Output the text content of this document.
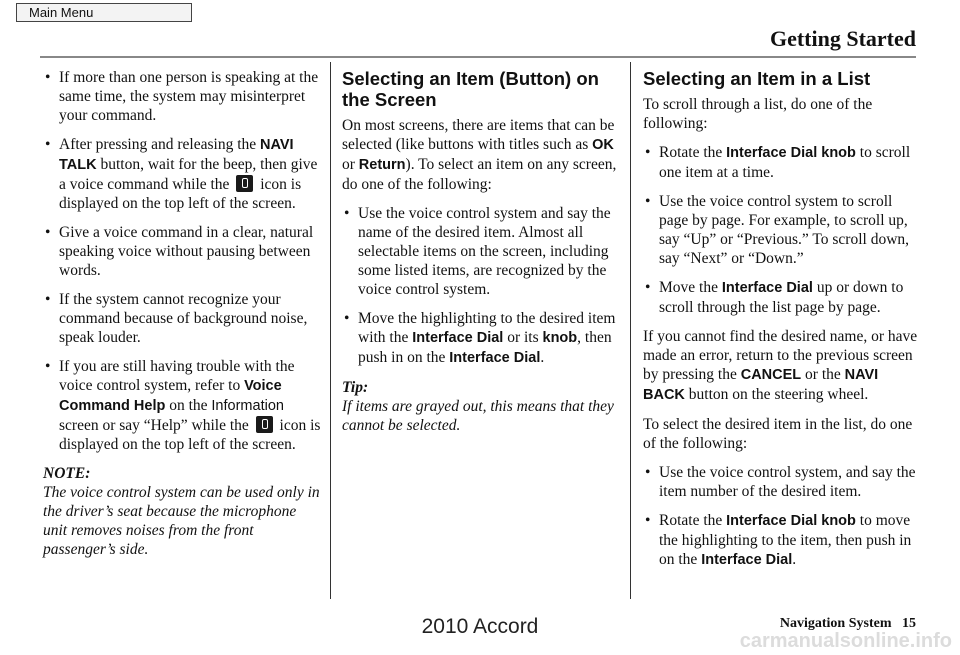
Main Menu
Getting Started
• If more than one person is speaking at the same time, the system may misinterpret your command.
• After pressing and releasing the NAVI TALK button, wait for the beep, then give a voice command while the  icon is displayed on the top left of the screen.
• Give a voice command in a clear, natural speaking voice without pausing between words.
• If the system cannot recognize your command because of background noise, speak louder.
• If you are still having trouble with the voice control system, refer to Voice Command Help on the Information screen or say “Help” while the  icon is displayed on the top left of the screen.
NOTE:
The voice control system can be used only in the driver’s seat because the microphone unit removes noises from the front passenger’s side.
Selecting an Item (Button) on the Screen

On most screens, there are items that can be selected (like buttons with titles such as OK or Return). To select an item on any screen, do one of the following:

• Use the voice control system and say the name of the desired item. Almost all selectable items on the screen, including some listed items, are recognized by the voice control system.
• Move the highlighting to the desired item with the Interface Dial or its knob, then push in on the Interface Dial.
Tip:
If items are grayed out, this means that they cannot be selected.
Selecting an Item in a List

To scroll through a list, do one of the following:

• Rotate the Interface Dial knob to scroll one item at a time.
• Use the voice control system to scroll page by page. For example, to scroll up, say “Up” or “Previous.” To scroll down, say “Next” or “Down.”
• Move the Interface Dial up or down to scroll through the list page by page.

If you cannot find the desired name, or have made an error, return to the previous screen by pressing the CANCEL or the NAVI BACK button on the steering wheel.

To select the desired item in the list, do one of the following:

• Use the voice control system, and say the item number of the desired item.
• Rotate the Interface Dial knob to move the highlighting to the item, then push in on the Interface Dial.
Navigation System 15
2010 Accord
carmanualsonline.info
